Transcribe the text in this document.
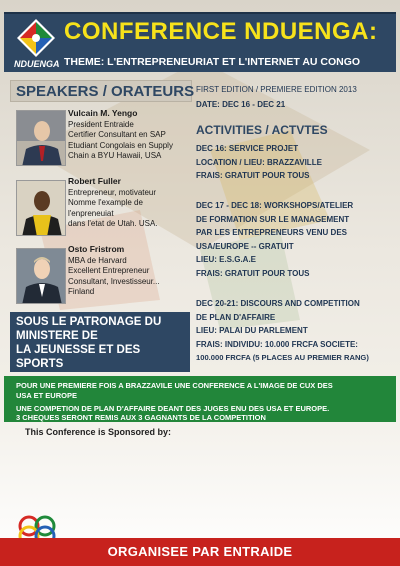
CONFERENCE NDUENGA:
NDUENGA THEME: L'ENTREPRENEURIAT ET L'INTERNET AU CONGO
SPEAKERS / ORATEURS
Vulcain M. Yengo
President Entraide
Certifier Consultant en SAP
Etudiant Congolais en Supply
Chain a BYU Hawaii, USA
Robert Fuller
Entrepreneur, motivateur
Nomme l'example de
l'enpreneuiat
dans l'etat de Utah. USA.
Osto Fristrom
MBA de Harvard
Excellent Entrepreneur
Consultant, Investisseur...
Finland
SOUS LE PATRONAGE DU
MINISTERE DE
LA JEUNESSE ET DES
SPORTS
FIRST EDITION / PREMIERE EDITION 2013
DATE: DEC 16 - DEC 21
ACTIVITIES / ACTVTES
DEC 16: SERVICE PROJET
LOCATION / LIEU: BRAZZAVILLE
FRAIS: GRATUIT POUR TOUS
DEC 17 - DEC 18: WORKSHOPS/ATELIER
DE FORMATION SUR LE MANAGEMENT
PAR LES ENTREPRENEURS VENU DES
USA/EUROPE -- GRATUIT
LIEU: E.S.G.A.E
FRAIS: GRATUIT POUR TOUS
DEC 20-21: DISCOURS AND COMPETITION
DE PLAN D'AFFAIRE
LIEU: PALAI DU PARLEMENT
FRAIS: INDIVIDU: 10.000 FRCFA SOCIETE:
100.000 FRCFA (5 PLACES AU PREMIER RANG)
POUR UNE PREMIERE FOIS A BRAZZAVILE UNE CONFERENCE A L'IMAGE DE CUX DES
USA ET EUROPE
UNE COMPETION DE PLAN D'AFFAIRE DEANT DES JUGES ENU DES USA ET EUROPE.
3 CHEQUES SERONT REMIS AUX 3 GAGNANTS DE LA COMPETITION
This Conference is Sponsored by:
ORGANISEE PAR ENTRAIDE
